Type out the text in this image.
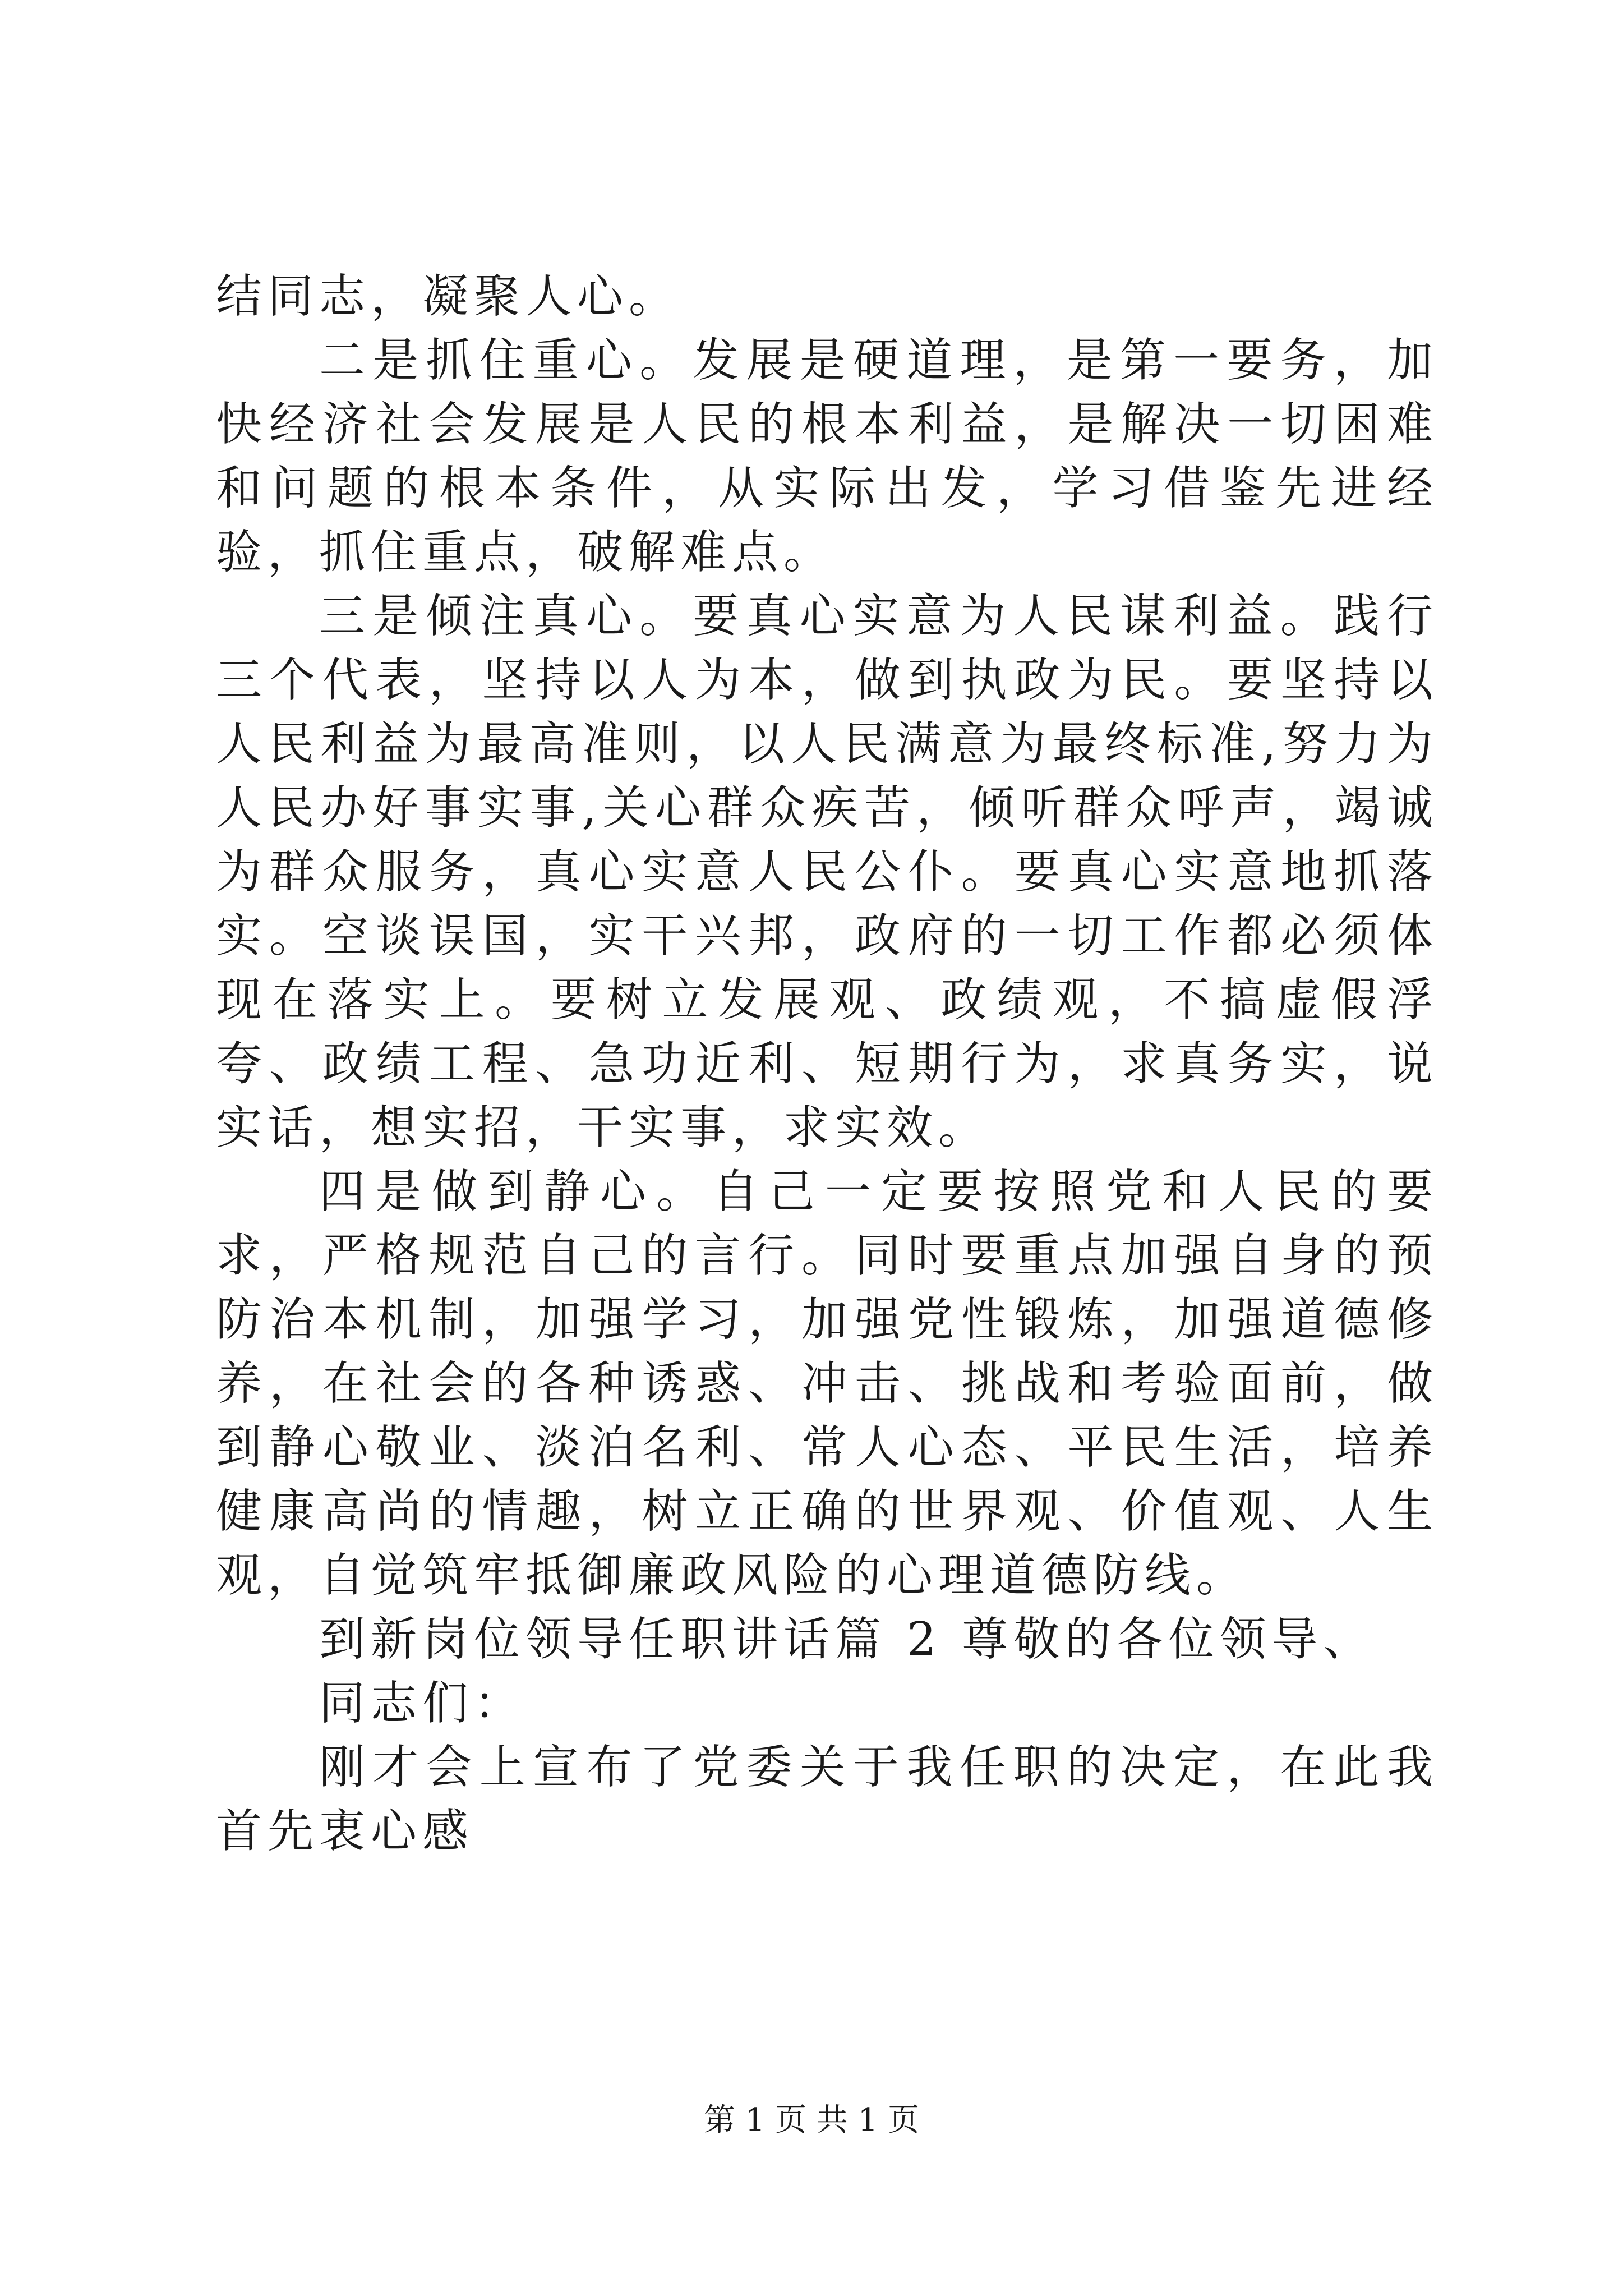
结同志，凝聚人心。

二是抓住重心。发展是硬道理，是第一要务，加快经济社会发展是人民的根本利益，是解决一切困难和问题的根本条件，从实际出发，学习借鉴先进经验，抓住重点，破解难点。

三是倾注真心。要真心实意为人民谋利益。践行三个代表，坚持以人为本，做到执政为民。要坚持以人民利益为最高准则，以人民满意为最终标准,努力为人民办好事实事,关心群众疾苦，倾听群众呼声，竭诚为群众服务，真心实意人民公仆。要真心实意地抓落实。空谈误国，实干兴邦，政府的一切工作都必须体现在落实上。要树立发展观、政绩观，不搞虚假浮夸、政绩工程、急功近利、短期行为，求真务实，说实话，想实招，干实事，求实效。

四是做到静心。自己一定要按照党和人民的要求，严格规范自己的言行。同时要重点加强自身的预防治本机制，加强学习，加强党性锻炼，加强道德修养，在社会的各种诱惑、冲击、挑战和考验面前，做到静心敬业、淡泊名利、常人心态、平民生活，培养健康高尚的情趣，树立正确的世界观、价值观、人生观，自觉筑牢抵御廉政风险的心理道德防线。

到新岗位领导任职讲话篇 2 尊敬的各位领导、

同志们：

刚才会上宣布了党委关于我任职的决定，在此我首先衷心感

第 1 页 共 1 页
